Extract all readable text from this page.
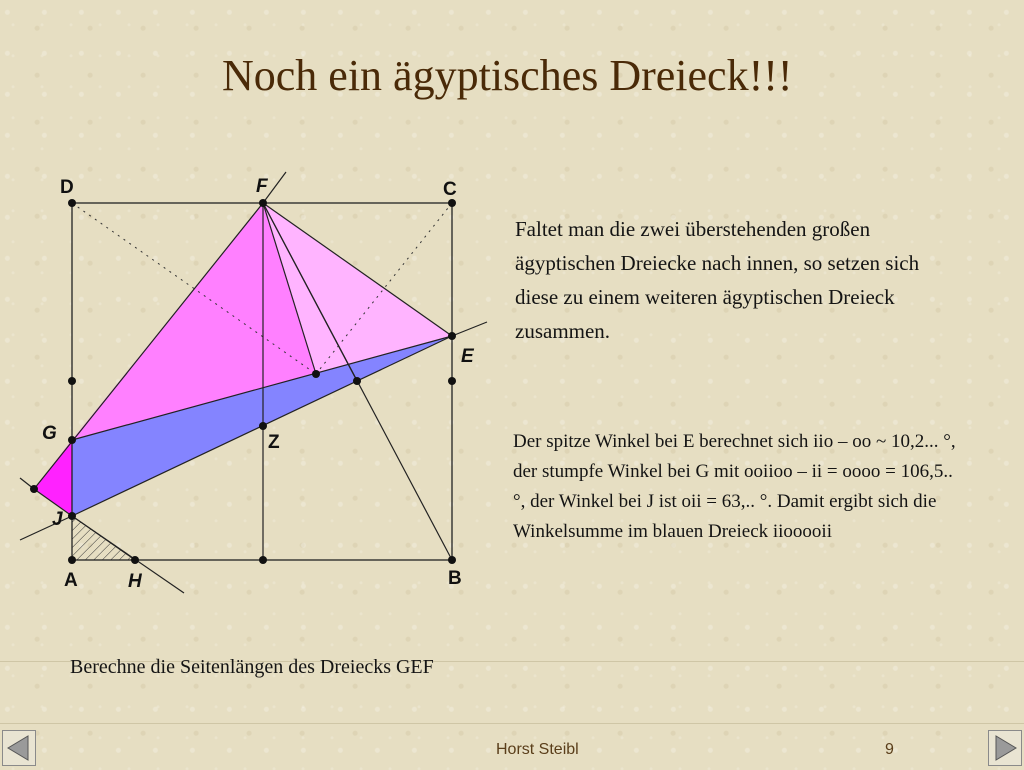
Noch ein ägyptisches Dreieck!!!
D	F	C
E
G	Z
J
A	H	B
Faltet man die zwei überstehenden großen ägyptischen Dreiecke nach innen, so setzen sich diese zu einem weiteren ägyptischen Dreieck zusammen.
Der spitze Winkel bei E berechnet sich iio – oo ~ 10,2... °, der stumpfe Winkel bei G mit ooiioo – ii = oooo = 106,5..°, der Winkel bei J ist oii = 63,.. °. Damit ergibt sich die Winkelsumme im blauen Dreieck iiooooii
Berechne die Seitenlängen des Dreiecks GEF
Horst Steibl	9
